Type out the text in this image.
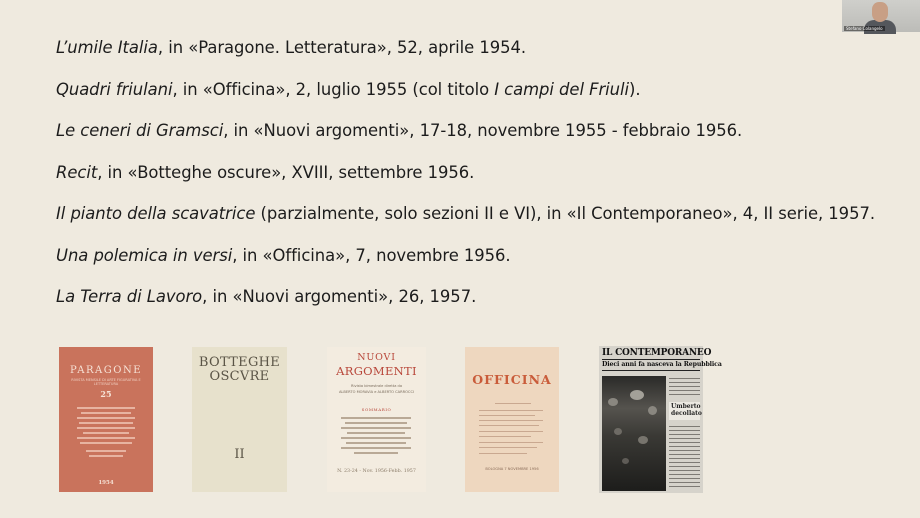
L’umile Italia, in «Paragone. Letteratura», 52, aprile 1954.
Quadri friulani, in «Officina», 2, luglio 1955 (col titolo I campi del Friuli).
Le ceneri di Gramsci, in «Nuovi argomenti», 17-18, novembre 1955 - febbraio 1956.
Recit, in «Botteghe oscure», XVIII, settembre 1956.
Il pianto della scavatrice (parzialmente, solo sezioni II e VI), in «Il Contemporaneo», 4, II serie, 1957.
Una polemica in versi, in «Officina», 7, novembre 1956.
La Terra di Lavoro, in «Nuovi argomenti», 26, 1957.
PARAGONE
RIVISTA MENSILE DI ARTE FIGURATIVA E LETTERATURA
25
1954
BOTTEGHE
OSCVRE
II
NUOVI
ARGOMENTI
Rivista bimestrale diretta da
ALBERTO MORAVIA e ALBERTO CARROCCI
SOMMARIO
N. 23-24 - Nov. 1956-Febb. 1957
OFFICINA
BOLOGNA 7 NOVEMBRE 1956
IL CONTEMPORANEO
Dieci anni fa nasceva la Repubblica
Umberto decollato
Stefano Colangelo
